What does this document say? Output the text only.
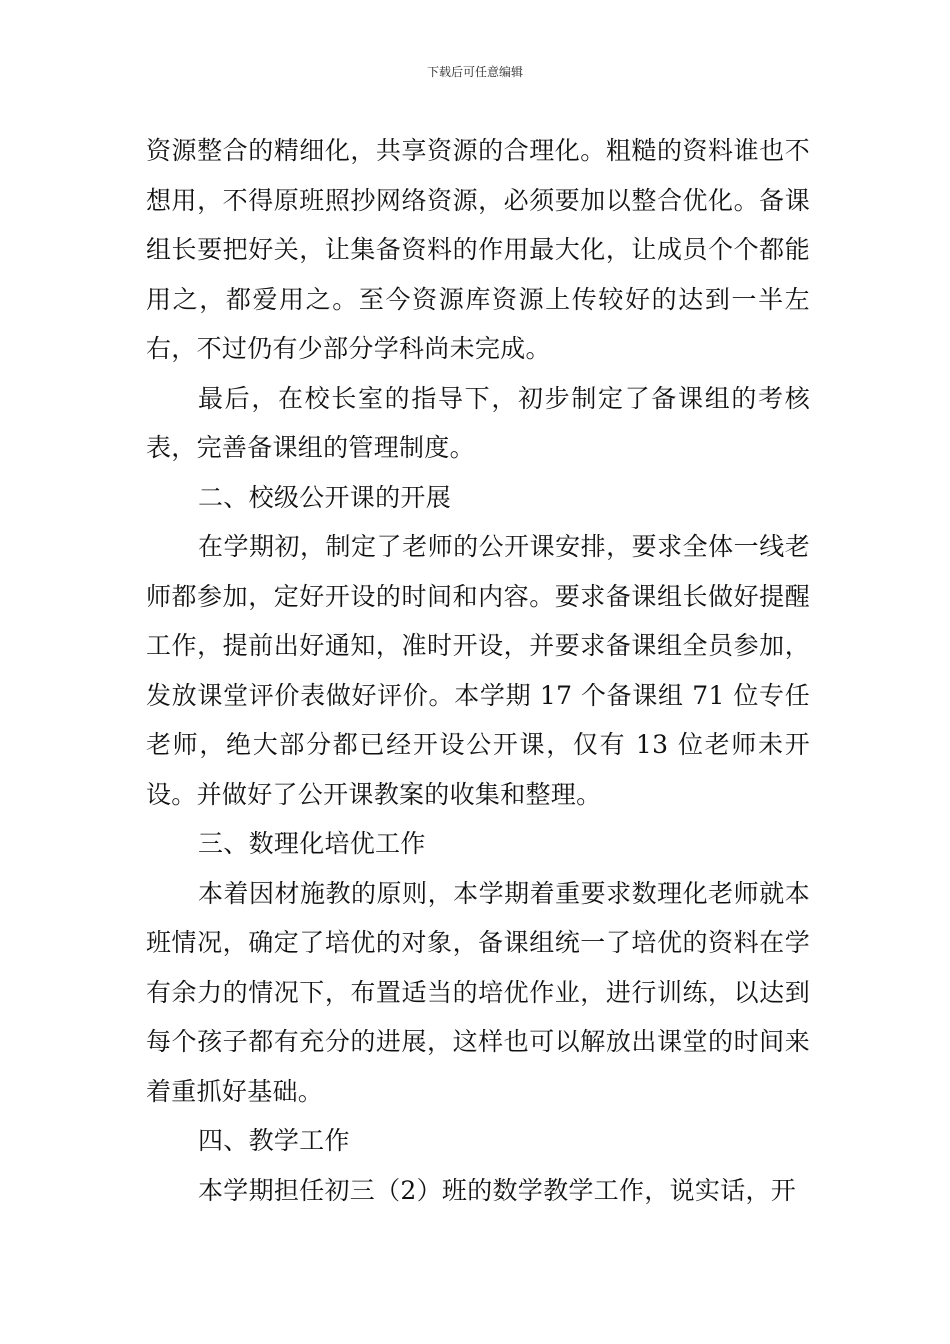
下载后可任意编辑

资源整合的精细化，共享资源的合理化。粗糙的资料谁也不想用，不得原班照抄网络资源，必须要加以整合优化。备课组长要把好关，让集备资料的作用最大化，让成员个个都能用之，都爱用之。至今资源库资源上传较好的达到一半左右，不过仍有少部分学科尚未完成。

最后，在校长室的指导下，初步制定了备课组的考核表，完善备课组的管理制度。

二、校级公开课的开展

在学期初，制定了老师的公开课安排，要求全体一线老师都参加，定好开设的时间和内容。要求备课组长做好提醒工作，提前出好通知，准时开设，并要求备课组全员参加，发放课堂评价表做好评价。本学期 17 个备课组 71 位专任老师，绝大部分都已经开设公开课，仅有 13 位老师未开设。并做好了公开课教案的收集和整理。

三、数理化培优工作

本着因材施教的原则，本学期着重要求数理化老师就本班情况，确定了培优的对象，备课组统一了培优的资料在学有余力的情况下，布置适当的培优作业，进行训练，以达到每个孩子都有充分的进展，这样也可以解放出课堂的时间来着重抓好基础。

四、教学工作

本学期担任初三（2）班的数学教学工作，说实话，开
